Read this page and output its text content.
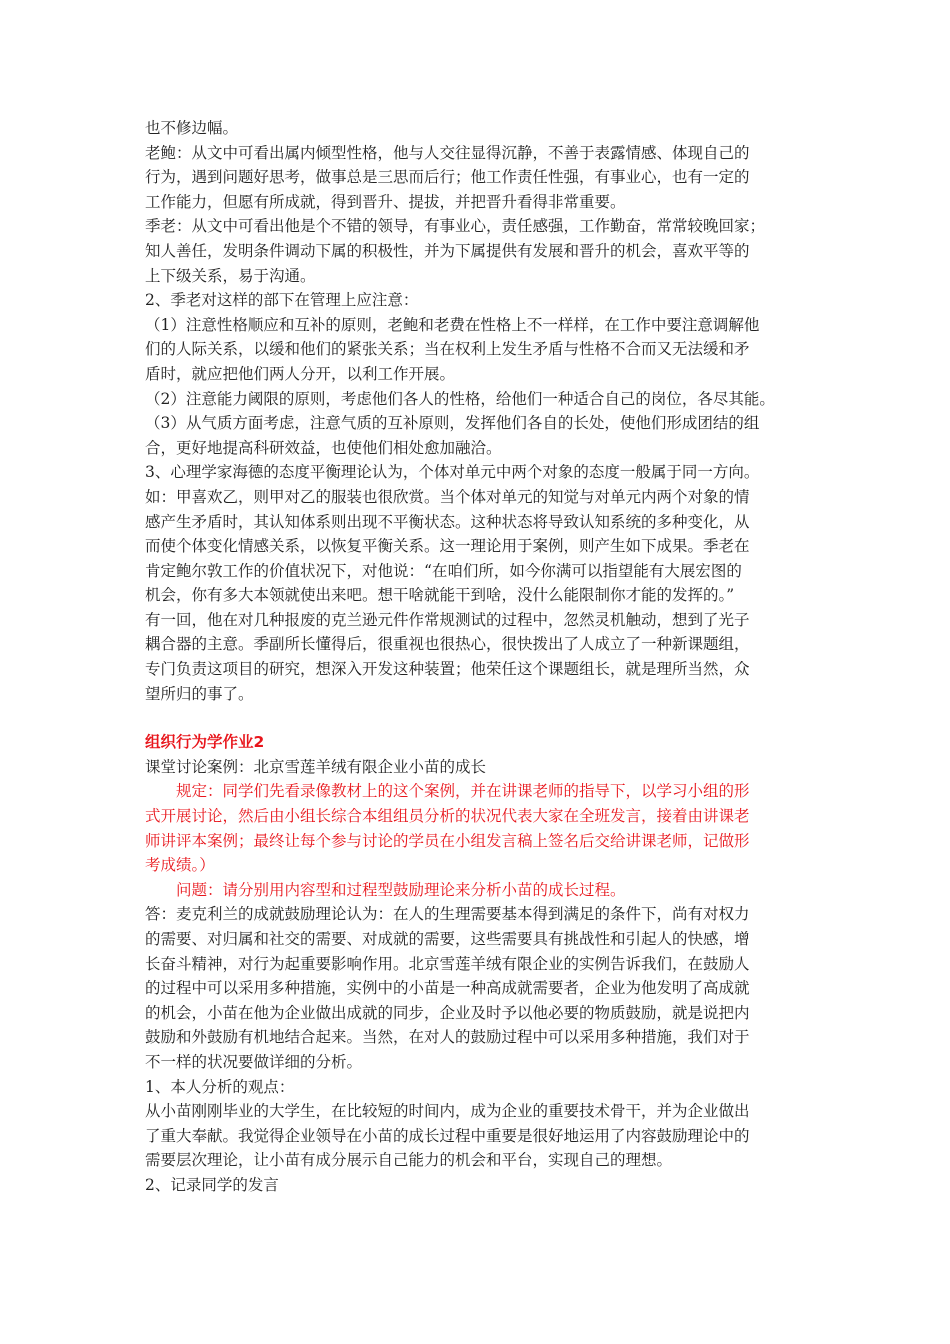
也不修边幅。

老鲍：从文中可看出属内倾型性格，他与人交往显得沉静，不善于表露情感、体现自己的

行为，遇到问题好思考，做事总是三思而后行；他工作责任性强，有事业心，也有一定的

工作能力，但愿有所成就，得到晋升、提拔，并把晋升看得非常重要。

季老：从文中可看出他是个不错的领导，有事业心，责任感强，工作勤奋，常常较晚回家；

知人善任，发明条件调动下属的积极性，并为下属提供有发展和晋升的机会，喜欢平等的

上下级关系，易于沟通。

2、季老对这样的部下在管理上应注意：

（1）注意性格顺应和互补的原则，老鲍和老费在性格上不一样样，在工作中要注意调解他

们的人际关系，以缓和他们的紧张关系；当在权利上发生矛盾与性格不合而又无法缓和矛

盾时，就应把他们两人分开，以利工作开展。

（2）注意能力阈限的原则，考虑他们各人的性格，给他们一种适合自己的岗位，各尽其能。

（3）从气质方面考虑，注意气质的互补原则，发挥他们各自的长处，使他们形成团结的组

合，更好地提高科研效益，也使他们相处愈加融洽。

3、心理学家海德的态度平衡理论认为，个体对单元中两个对象的态度一般属于同一方向。

如：甲喜欢乙，则甲对乙的服装也很欣赏。当个体对单元的知觉与对单元内两个对象的情

感产生矛盾时，其认知体系则出现不平衡状态。这种状态将导致认知系统的多种变化，从

而使个体变化情感关系，以恢复平衡关系。这一理论用于案例，则产生如下成果。季老在

肯定鲍尔敦工作的价值状况下，对他说：“在咱们所，如今你满可以指望能有大展宏图的

机会，你有多大本领就使出来吧。想干啥就能干到啥，没什么能限制你才能的发挥的。”

有一回，他在对几种报废的克兰逊元件作常规测试的过程中，忽然灵机触动，想到了光子

耦合器的主意。季副所长懂得后，很重视也很热心，很快拨出了人成立了一种新课题组，

专门负责这项目的研究，想深入开发这种装置；他荣任这个课题组长，就是理所当然，众

望所归的事了。

组织行为学作业2

课堂讨论案例：北京雪莲羊绒有限企业小苗的成长

规定：同学们先看录像教材上的这个案例，并在讲课老师的指导下，以学习小组的形

式开展讨论，然后由小组长综合本组组员分析的状况代表大家在全班发言，接着由讲课老

师讲评本案例；最终让每个参与讨论的学员在小组发言稿上签名后交给讲课老师，记做形

考成绩。）

问题：请分别用内容型和过程型鼓励理论来分析小苗的成长过程。

答：麦克利兰的成就鼓励理论认为：在人的生理需要基本得到满足的条件下，尚有对权力

的需要、对归属和社交的需要、对成就的需要，这些需要具有挑战性和引起人的快感，增

长奋斗精神，对行为起重要影响作用。北京雪莲羊绒有限企业的实例告诉我们，在鼓励人

的过程中可以采用多种措施，实例中的小苗是一种高成就需要者，企业为他发明了高成就

的机会，小苗在他为企业做出成就的同步，企业及时予以他必要的物质鼓励，就是说把内

鼓励和外鼓励有机地结合起来。当然，在对人的鼓励过程中可以采用多种措施，我们对于

不一样的状况要做详细的分析。

1、本人分析的观点：

从小苗刚刚毕业的大学生，在比较短的时间内，成为企业的重要技术骨干，并为企业做出

了重大奉献。我觉得企业领导在小苗的成长过程中重要是很好地运用了内容鼓励理论中的

需要层次理论，让小苗有成分展示自己能力的机会和平台，实现自己的理想。

2、记录同学的发言
